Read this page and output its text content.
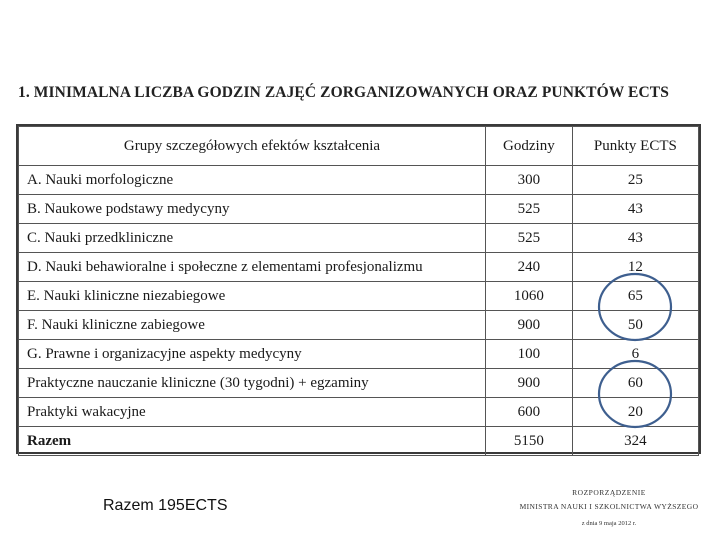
1. MINIMALNA LICZBA GODZIN ZAJĘĆ ZORGANIZOWANYCH ORAZ PUNKTÓW ECTS
Grupy szczegółowych efektów kształcenia	Godziny	Punkty ECTS
A. Nauki morfologiczne	300	25
B. Naukowe podstawy medycyny	525	43
C. Nauki przedkliniczne	525	43
D. Nauki behawioralne i społeczne z elementami profesjonalizmu	240	12
E. Nauki kliniczne niezabiegowe	1060	65
F. Nauki kliniczne zabiegowe	900	50
G. Prawne i organizacyjne aspekty medycyny	100	6
Praktyczne nauczanie kliniczne (30 tygodni) + egzaminy	900	60
Praktyki wakacyjne	600	20
Razem	5150	324
Razem 195ECTS
ROZPORZĄDZENIE
MINISTRA NAUKI I SZKOLNICTWA WYŻSZEGO
z dnia 9 maja 2012 r.
